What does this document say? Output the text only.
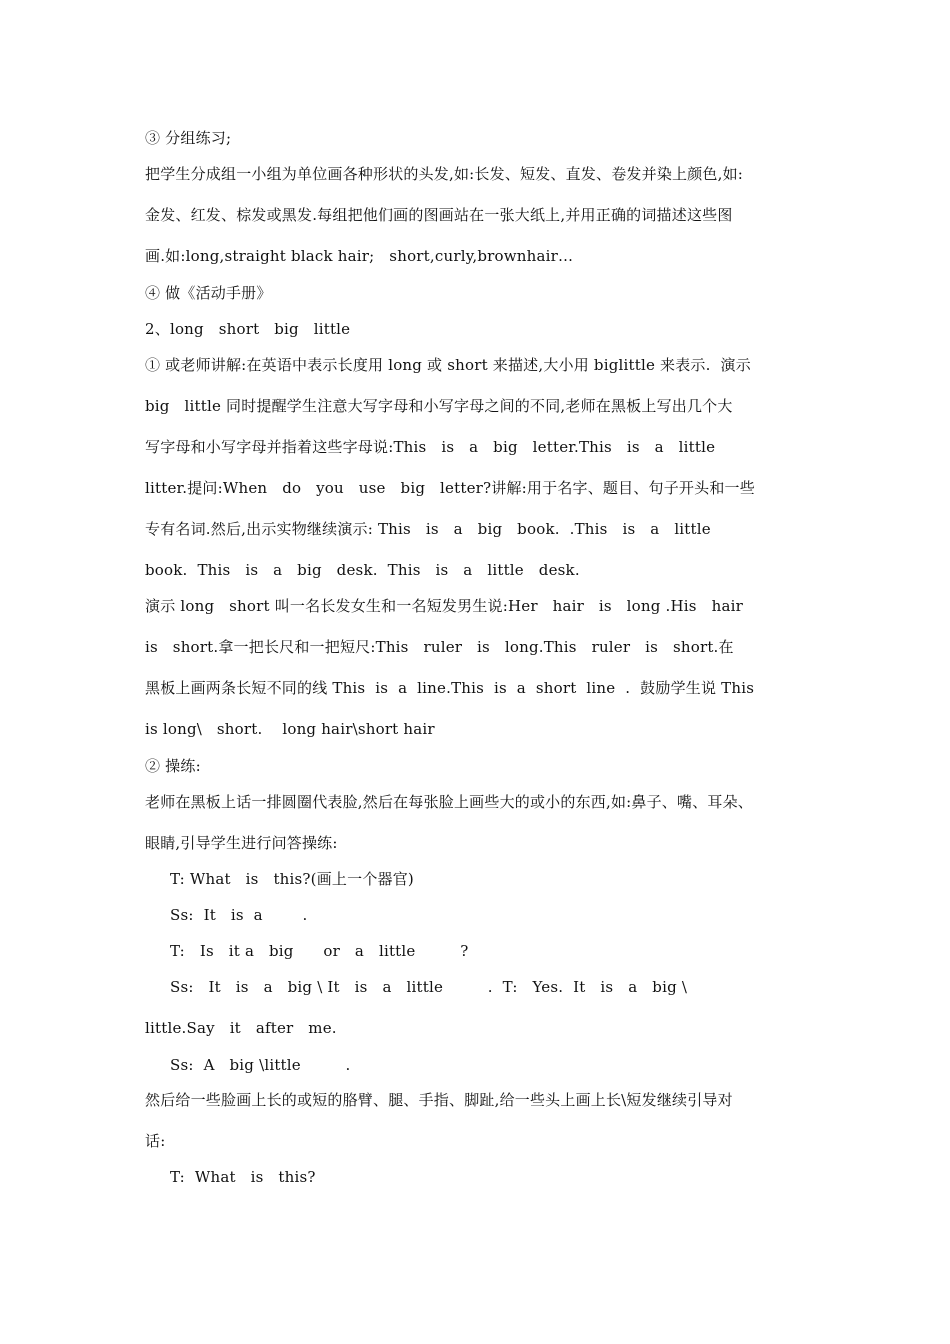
③ 分组练习;
把学生分成组一小组为单位画各种形状的头发,如:长发、短发、直发、卷发并染上颜色,如:
金发、红发、棕发或黑发.每组把他们画的图画站在一张大纸上,并用正确的词描述这些图
画.如:long,straight black hair;   short,curly,brownhair…
④ 做《活动手册》
2、long   short   big   little
① 或老师讲解:在英语中表示长度用 long 或 short 来描述,大小用 biglittle 来表示.  演示
big   little 同时提醒学生注意大写字母和小写字母之间的不同,老师在黑板上写出几个大
写字母和小写字母并指着这些字母说:This   is   a   big   letter.This   is   a   little
litter.提问:When   do   you   use   big   letter?讲解:用于名字、题目、句子开头和一些
专有名词.然后,出示实物继续演示: This   is   a   big   book.  .This   is   a   little
book.  This   is   a   big   desk.  This   is   a   little   desk.
演示 long   short 叫一名长发女生和一名短发男生说:Her   hair   is   long .His   hair
is   short.拿一把长尺和一把短尺:This   ruler   is   long.This   ruler   is   short.在
黑板上画两条长短不同的线 This  is  a  line.This  is  a  short  line  .  鼓励学生说 This
is long\   short.    long hair\short hair
② 操练:
老师在黑板上话一排圆圈代表脸,然后在每张脸上画些大的或小的东西,如:鼻子、嘴、耳朵、
眼睛,引导学生进行问答操练:
T: What   is   this?(画上一个器官)
Ss:  It   is  a        .
T:   Is   it a   big      or   a   little         ?
Ss:   It   is   a   big \ It   is   a   little         .  T:   Yes.  It   is   a   big \
little.Say   it   after   me.
Ss:  A   big \little         .
然后给一些脸画上长的或短的胳臂、腿、手指、脚趾,给一些头上画上长\短发继续引导对
话:
T:  What   is   this?
